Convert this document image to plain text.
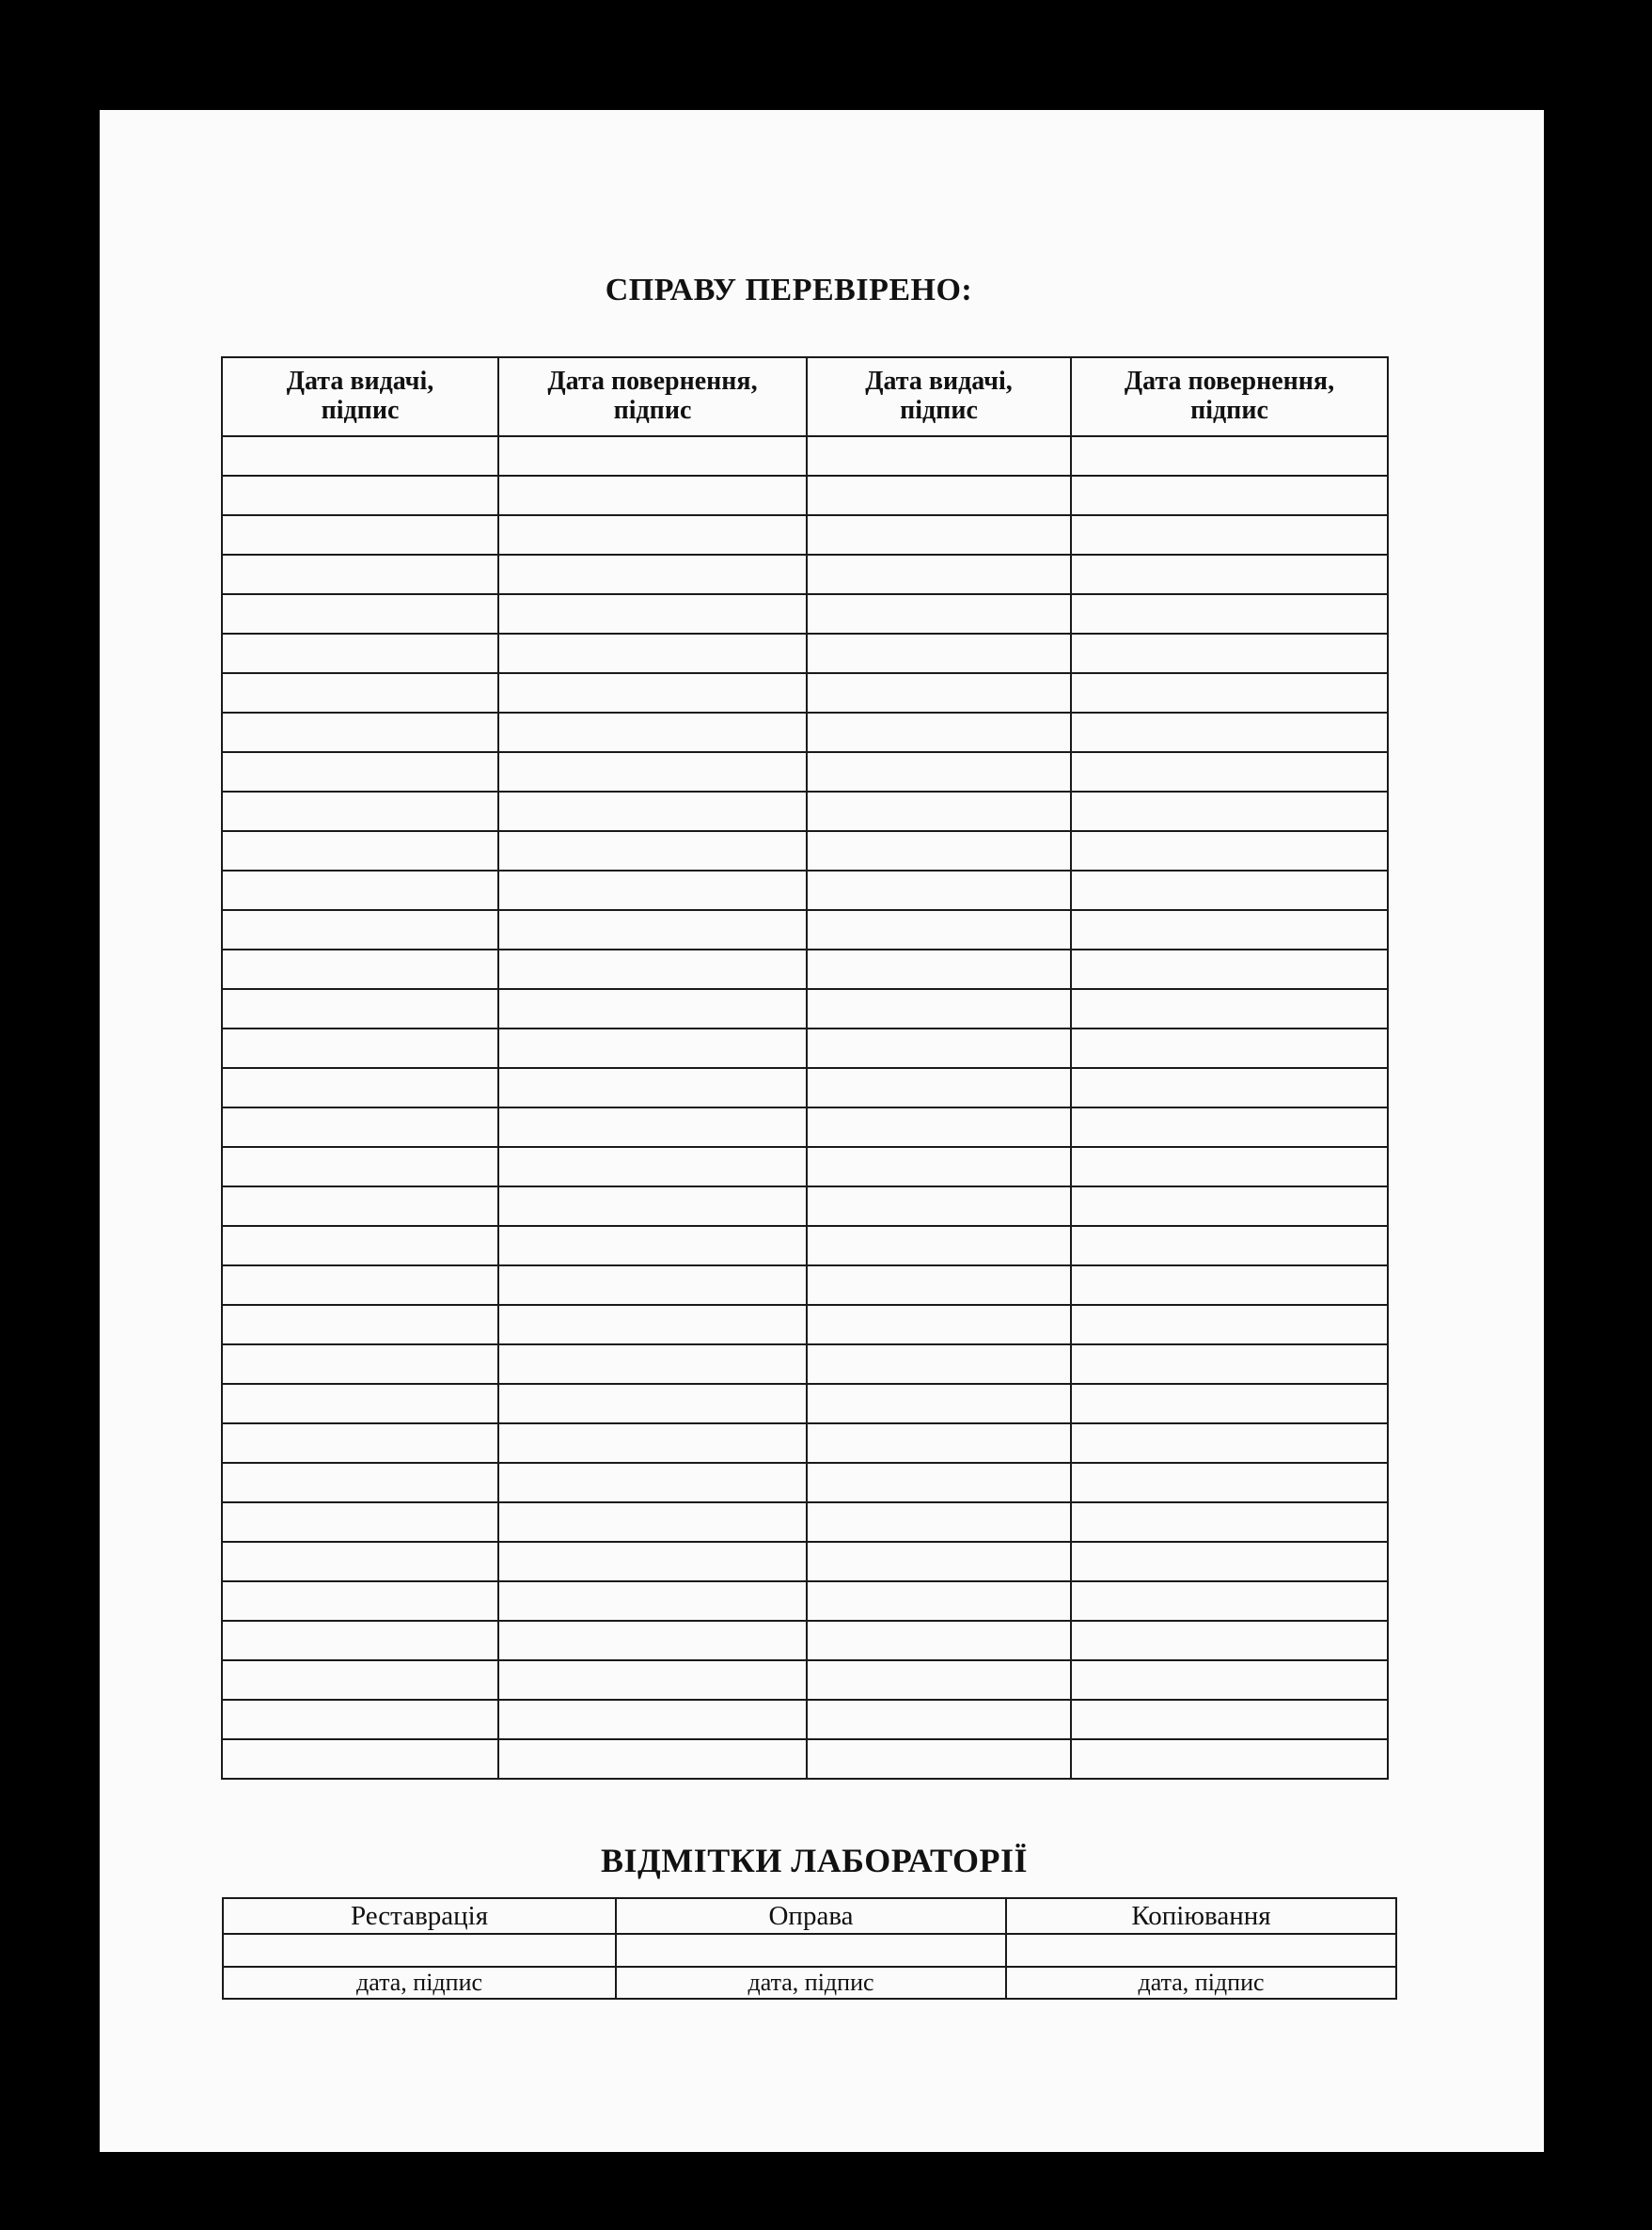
СПРАВУ ПЕРЕВІРЕНО:
Дата видачі,
підпис	Дата повернення,
підпис	Дата видачі,
підпис	Дата повернення,
підпис

ВІДМІТКИ ЛАБОРАТОРІЇ
Реставрація	Оправа	Копіювання

дата, підпис	дата, підпис	дата, підпис
